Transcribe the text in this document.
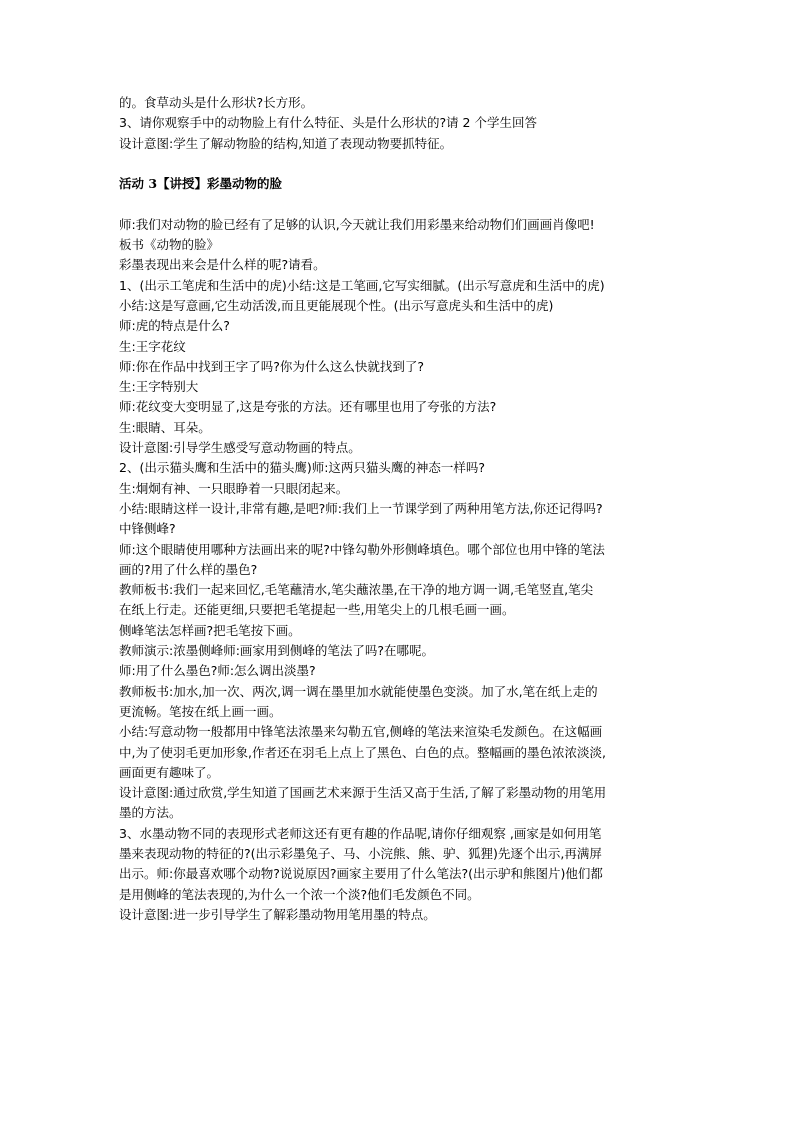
的。食草动头是什么形状?长方形。
3、请你观察手中的动物脸上有什么特征、头是什么形状的?请 2 个学生回答
设计意图:学生了解动物脸的结构,知道了表现动物要抓特征。
活动 3【讲授】彩墨动物的脸
师:我们对动物的脸已经有了足够的认识,今天就让我们用彩墨来给动物们们画画肖像吧!
板书《动物的脸》
彩墨表现出来会是什么样的呢?请看。
1、(出示工笔虎和生活中的虎)小结:这是工笔画,它写实细腻。(出示写意虎和生活中的虎)
小结:这是写意画,它生动活泼,而且更能展现个性。(出示写意虎头和生活中的虎)
师:虎的特点是什么?
生:王字花纹
师:你在作品中找到王字了吗?你为什么这么快就找到了?
生:王字特别大
师:花纹变大变明显了,这是夸张的方法。还有哪里也用了夸张的方法?
生:眼睛、耳朵。
设计意图:引导学生感受写意动物画的特点。
2、(出示猫头鹰和生活中的猫头鹰)师:这两只猫头鹰的神态一样吗?
生:炯炯有神、一只眼睁着一只眼闭起来。
小结:眼睛这样一设计,非常有趣,是吧?师:我们上一节课学到了两种用笔方法,你还记得吗?
中锋侧峰?
师:这个眼睛使用哪种方法画出来的呢?中锋勾勒外形侧峰填色。哪个部位也用中锋的笔法
画的?用了什么样的墨色?
教师板书:我们一起来回忆,毛笔蘸清水,笔尖蘸浓墨,在干净的地方调一调,毛笔竖直,笔尖
在纸上行走。还能更细,只要把毛笔提起一些,用笔尖上的几根毛画一画。
侧峰笔法怎样画?把毛笔按下画。
教师演示:浓墨侧峰师:画家用到侧峰的笔法了吗?在哪呢。
师:用了什么墨色?师:怎么调出淡墨?
教师板书:加水,加一次、两次,调一调在墨里加水就能使墨色变淡。加了水,笔在纸上走的
更流畅。笔按在纸上画一画。
小结:写意动物一般都用中锋笔法浓墨来勾勒五官,侧峰的笔法来渲染毛发颜色。在这幅画
中,为了使羽毛更加形象,作者还在羽毛上点上了黑色、白色的点。整幅画的墨色浓浓淡淡,
画面更有趣味了。
设计意图:通过欣赏,学生知道了国画艺术来源于生活又高于生活,了解了彩墨动物的用笔用
墨的方法。
3、水墨动物不同的表现形式老师这还有更有趣的作品呢,请你仔细观察 ,画家是如何用笔
墨来表现动物的特征的?(出示彩墨兔子、马、小浣熊、熊、驴、狐狸)先逐个出示,再满屏
出示。师:你最喜欢哪个动物?说说原因?画家主要用了什么笔法?(出示驴和熊图片)他们都
是用侧峰的笔法表现的,为什么一个浓一个淡?他们毛发颜色不同。
设计意图:进一步引导学生了解彩墨动物用笔用墨的特点。
